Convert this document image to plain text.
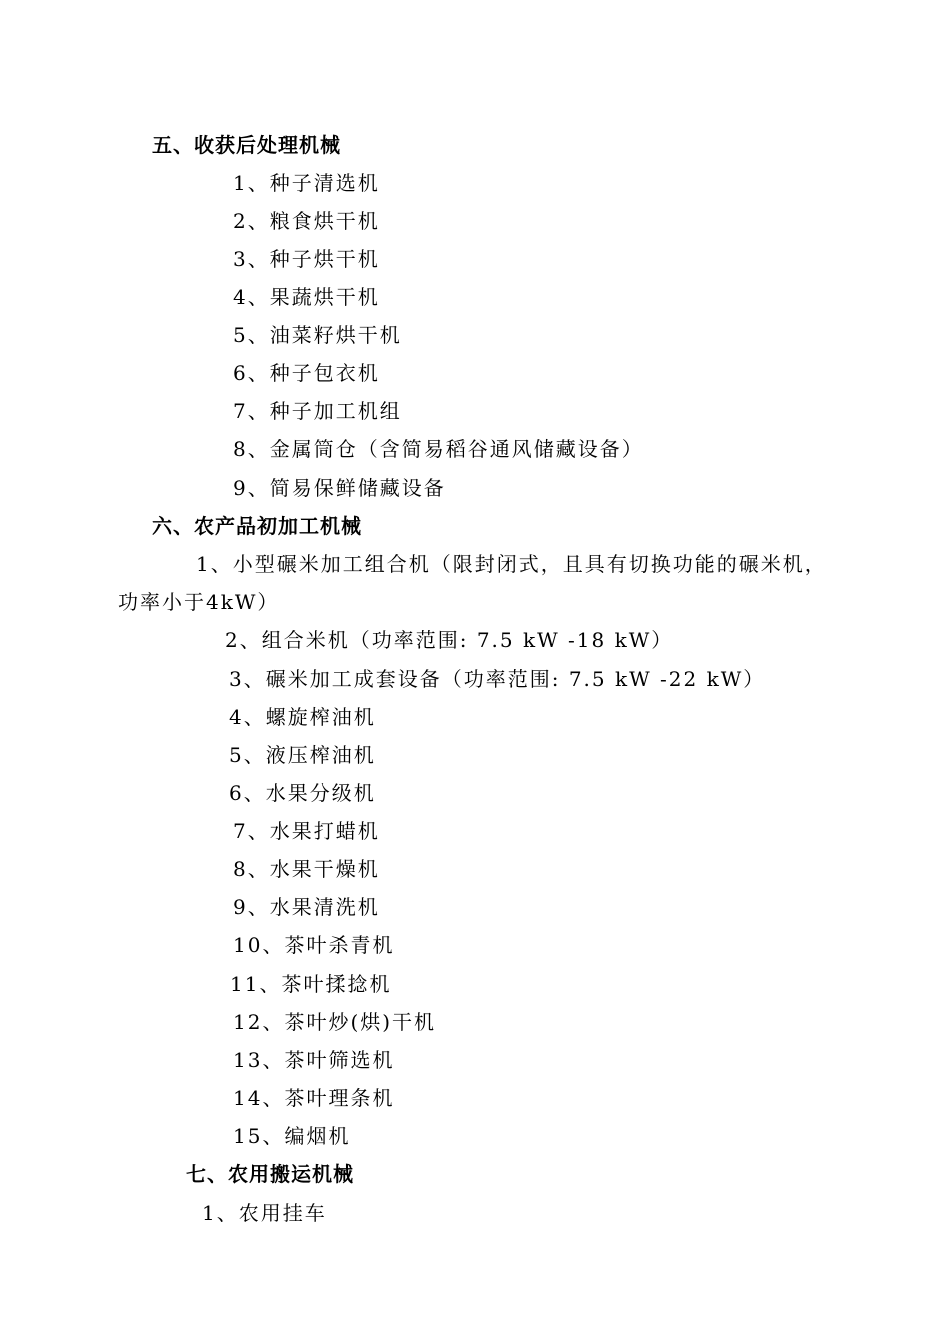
五、收获后处理机械
1、种子清选机
2、粮食烘干机
3、种子烘干机
4、果蔬烘干机
5、油菜籽烘干机
6、种子包衣机
7、种子加工机组
8、金属筒仓（含简易稻谷通风储藏设备）
9、简易保鲜储藏设备
六、农产品初加工机械
1、小型碾米加工组合机（限封闭式，且具有切换功能的碾米机，
功率小于4kW）
2、组合米机（功率范围: 7.5 kW -18 kW）
3、碾米加工成套设备（功率范围: 7.5 kW -22 kW）
4、螺旋榨油机
5、液压榨油机
6、水果分级机
7、水果打蜡机
8、水果干燥机
9、水果清洗机
10、茶叶杀青机
11、茶叶揉捻机
12、茶叶炒(烘)干机
13、茶叶筛选机
14、茶叶理条机
15、编烟机
七、农用搬运机械
1、农用挂车
